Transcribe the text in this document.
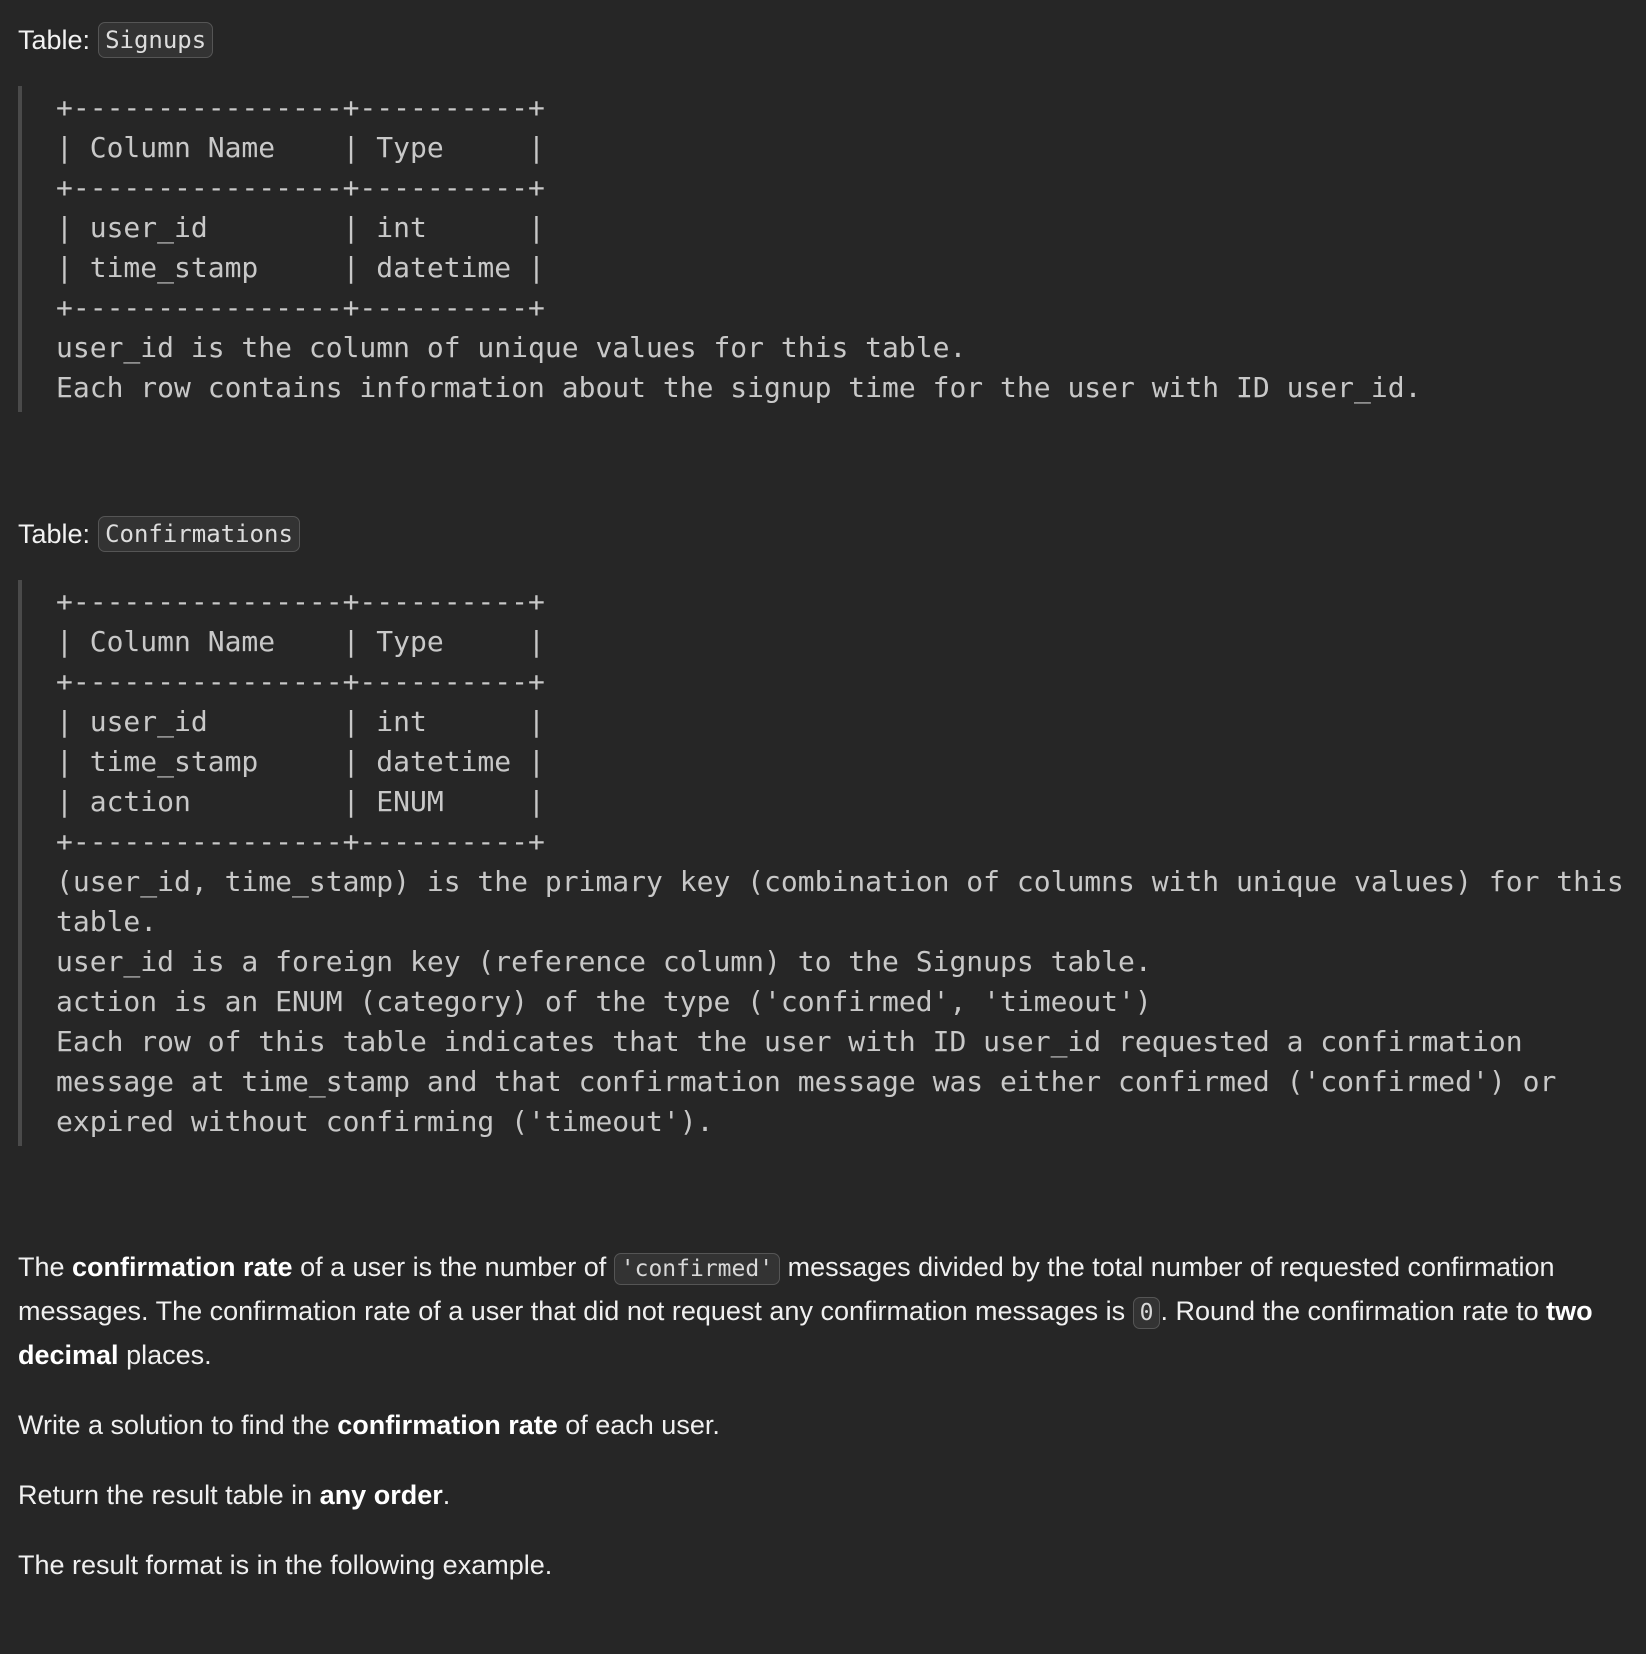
Table: Signups
+----------------+----------+
| Column Name    | Type     |
+----------------+----------+
| user_id        | int      |
| time_stamp     | datetime |
+----------------+----------+
user_id is the column of unique values for this table.
Each row contains information about the signup time for the user with ID user_id.
Table: Confirmations
+----------------+----------+
| Column Name    | Type     |
+----------------+----------+
| user_id        | int      |
| time_stamp     | datetime |
| action         | ENUM     |
+----------------+----------+
(user_id, time_stamp) is the primary key (combination of columns with unique values) for this
table.
user_id is a foreign key (reference column) to the Signups table.
action is an ENUM (category) of the type ('confirmed', 'timeout')
Each row of this table indicates that the user with ID user_id requested a confirmation
message at time_stamp and that confirmation message was either confirmed ('confirmed') or
expired without confirming ('timeout').

The confirmation rate of a user is the number of 'confirmed' messages divided by the total number of requested confirmation messages. The confirmation rate of a user that did not request any confirmation messages is 0 . Round the confirmation rate to two decimal places.

Write a solution to find the confirmation rate of each user.

Return the result table in any order.

The result format is in the following example.
